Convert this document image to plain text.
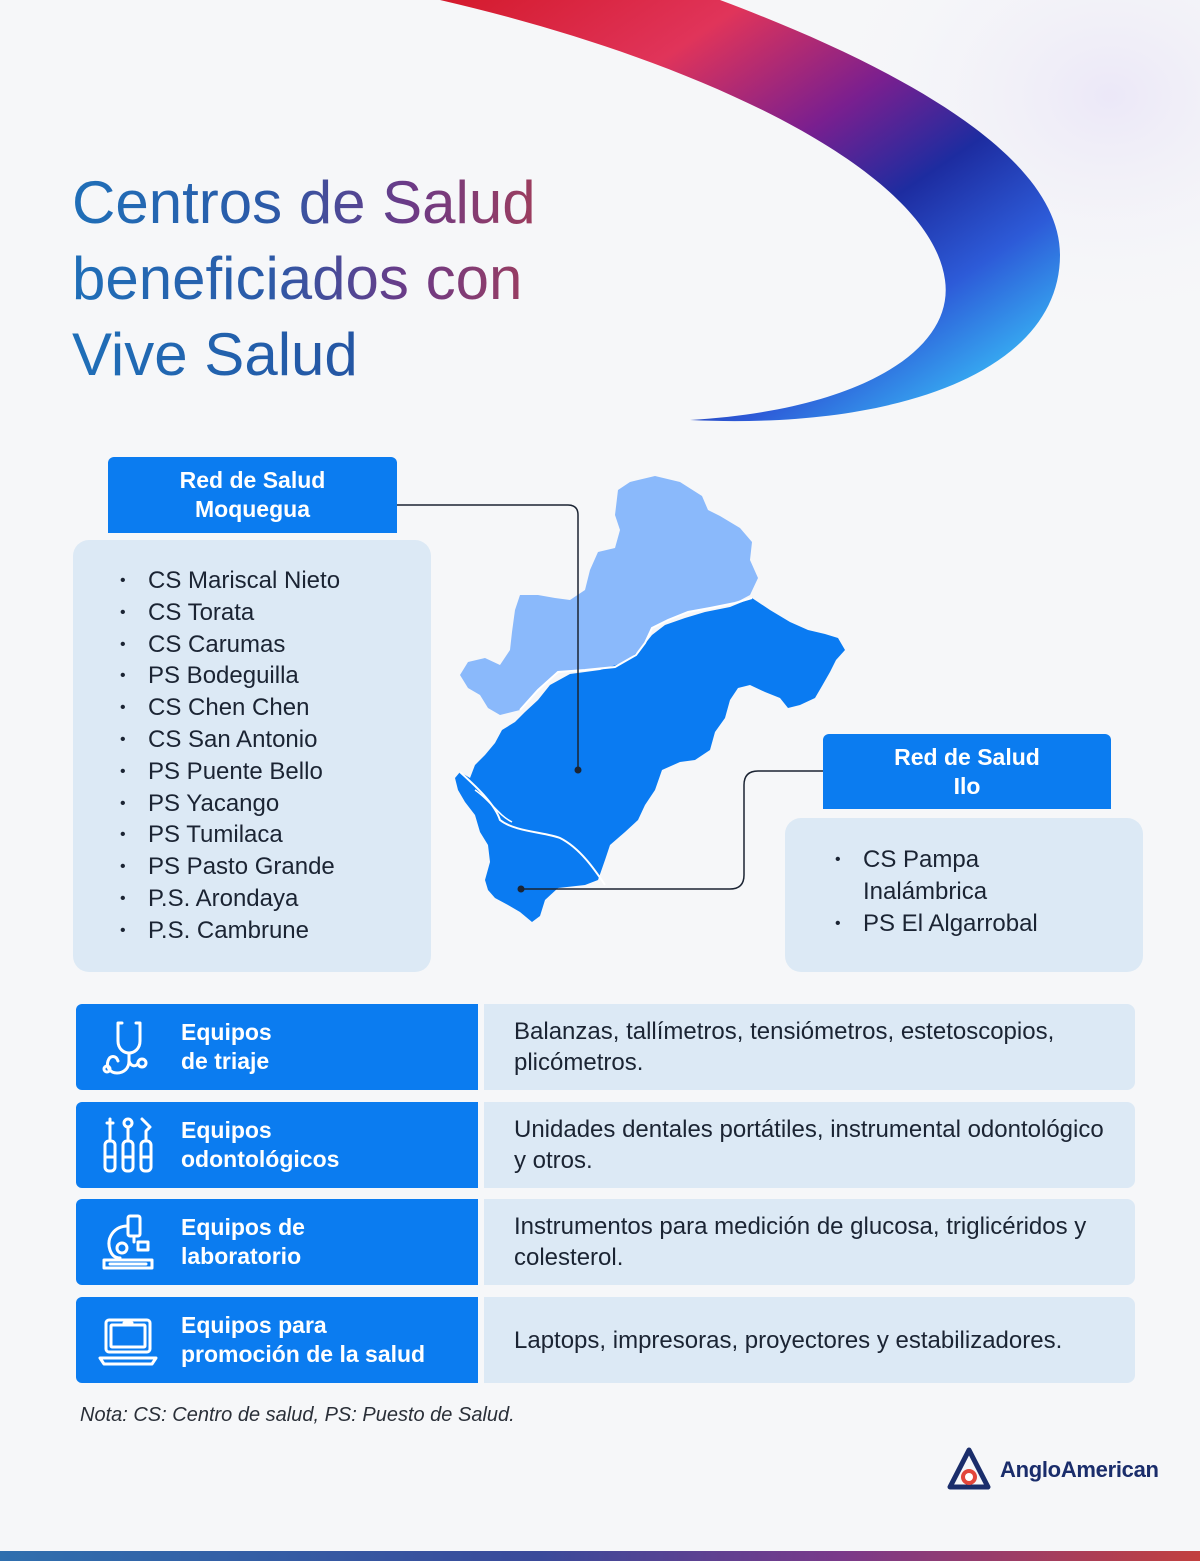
Centros de Salud
beneficiados con
Vive Salud
Red de Salud
Moquegua
• CS Mariscal Nieto
• CS Torata
• CS Carumas
• PS Bodeguilla
• CS Chen Chen
• CS San Antonio
• PS Puente Bello
• PS Yacango
• PS Tumilaca
• PS Pasto Grande
• P.S. Arondaya
• P.S. Cambrune
Red de Salud
Ilo
• CS Pampa Inalámbrica
• PS El Algarrobal
Equipos
de triaje

Balanzas, tallímetros, tensiómetros, estetoscopios, plicómetros.

Equipos
odontológicos

Unidades dentales portátiles, instrumental odontológico y otros.

Equipos de
laboratorio

Instrumentos para medición de glucosa, triglicéridos y colesterol.

Equipos para
promoción de la salud

Laptops, impresoras, proyectores y estabilizadores.

Nota: CS: Centro de salud, PS: Puesto de Salud.
AngloAmerican
